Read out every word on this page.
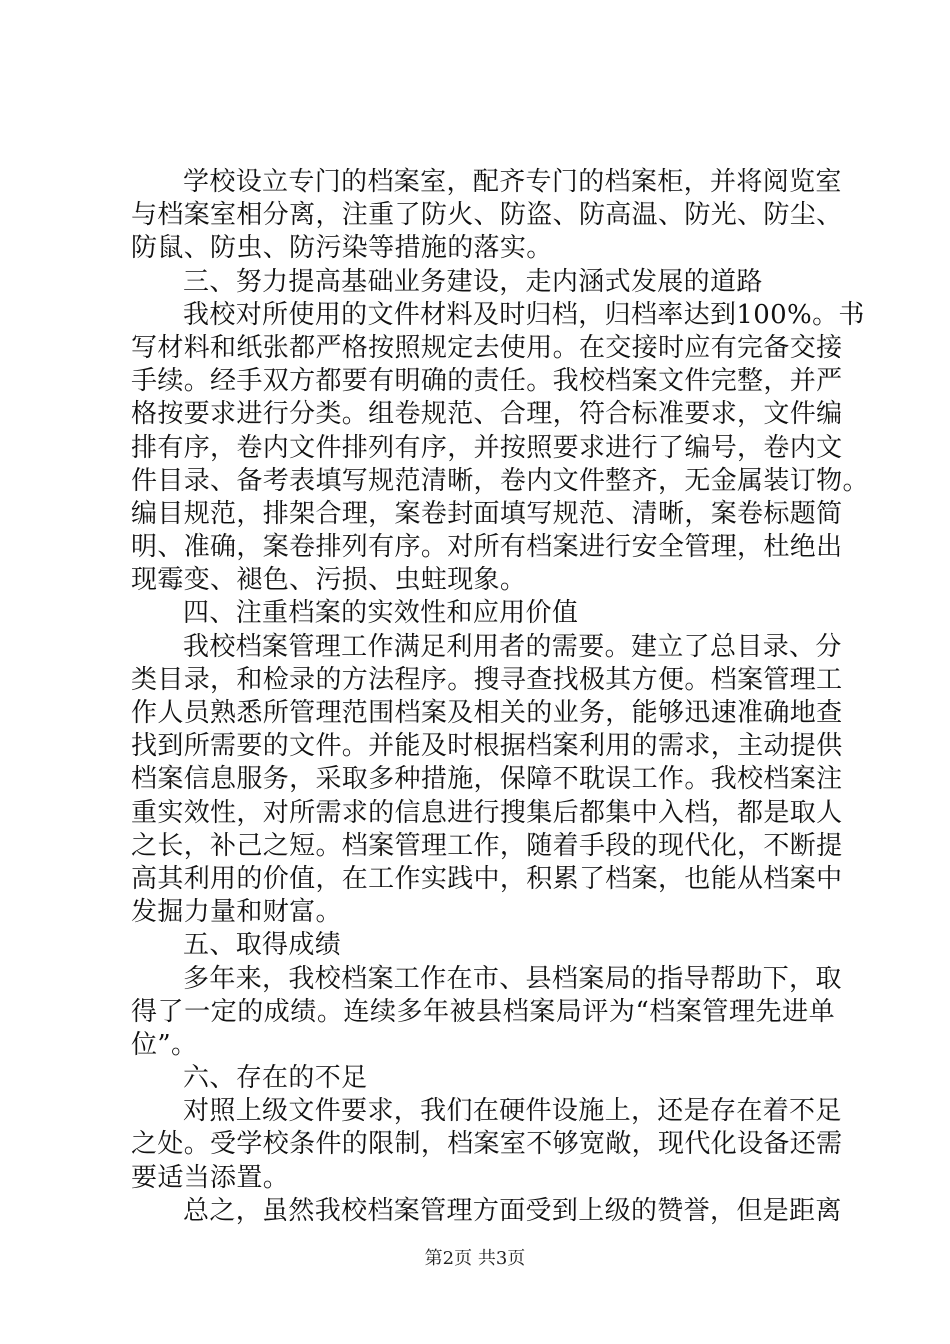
学校设立专门的档案室，配齐专门的档案柜，并将阅览室
与档案室相分离，注重了防火、防盗、防高温、防光、防尘、
防鼠、防虫、防污染等措施的落实。
三、努力提高基础业务建设，走内涵式发展的道路
我校对所使用的文件材料及时归档，归档率达到100%。书
写材料和纸张都严格按照规定去使用。在交接时应有完备交接
手续。经手双方都要有明确的责任。我校档案文件完整，并严
格按要求进行分类。组卷规范、合理，符合标准要求，文件编
排有序，卷内文件排列有序，并按照要求进行了编号，卷内文
件目录、备考表填写规范清晰，卷内文件整齐，无金属装订物。
编目规范，排架合理，案卷封面填写规范、清晰，案卷标题简
明、准确，案卷排列有序。对所有档案进行安全管理，杜绝出
现霉变、褪色、污损、虫蛀现象。
四、注重档案的实效性和应用价值
我校档案管理工作满足利用者的需要。建立了总目录、分
类目录，和检录的方法程序。搜寻查找极其方便。档案管理工
作人员熟悉所管理范围档案及相关的业务，能够迅速准确地查
找到所需要的文件。并能及时根据档案利用的需求，主动提供
档案信息服务，采取多种措施，保障不耽误工作。我校档案注
重实效性，对所需求的信息进行搜集后都集中入档，都是取人
之长，补己之短。档案管理工作，随着手段的现代化，不断提
高其利用的价值，在工作实践中，积累了档案，也能从档案中
发掘力量和财富。
五、取得成绩
多年来，我校档案工作在市、县档案局的指导帮助下，取
得了一定的成绩。连续多年被县档案局评为“档案管理先进单
位”。
六、存在的不足
对照上级文件要求，我们在硬件设施上，还是存在着不足
之处。受学校条件的限制，档案室不够宽敞，现代化设备还需
要适当添置。
总之，虽然我校档案管理方面受到上级的赞誉，但是距离
第2页 共3页
